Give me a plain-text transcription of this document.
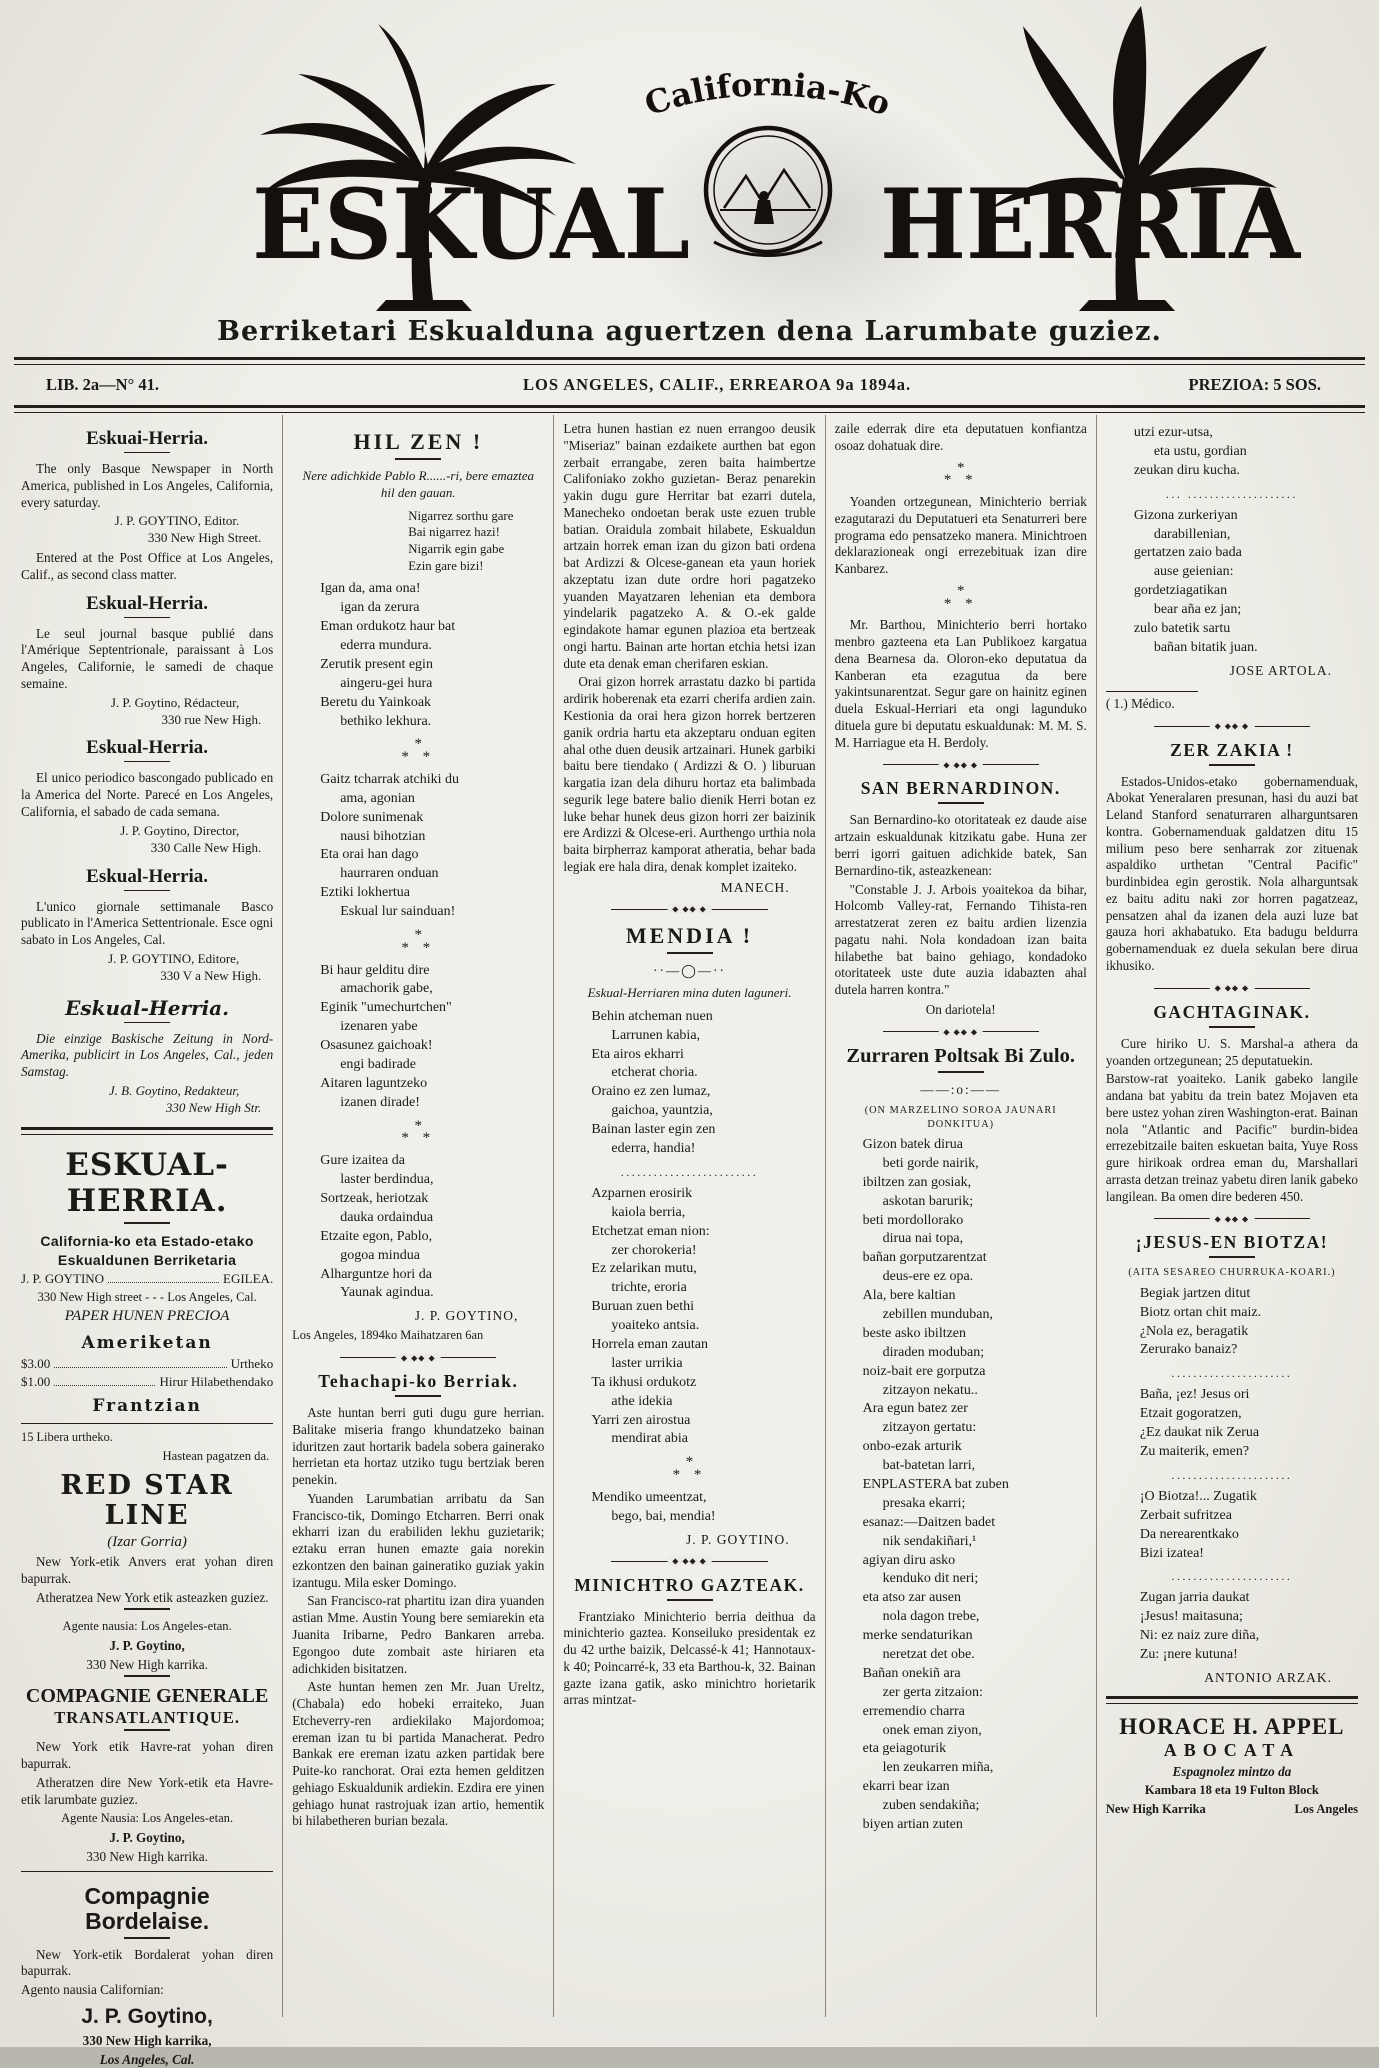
California-Ko
ESKUAL HERRIA
Berriketari Eskualduna aguertzen dena Larumbate guziez.
LIB. 2a—N° 41.	LOS ANGELES, CALIF., ERREAROA 9a 1894a.	PREZIOA: 5 SOS.
Eskuai-Herria.
The only Basque Newspaper in North America, published in Los Angeles, California, every saturday.
J. P. GOYTINO, Editor.
330 New High Street.
Entered at the Post Office at Los Angeles, Calif., as second class matter.
Eskual-Herria.
Le seul journal basque publié dans l'Amérique Septentrionale, paraissant à Los Angeles, Californie, le samedi de chaque semaine.
J. P. Goytino, Rédacteur,
330 rue New High.
Eskual-Herria.
El unico periodico bascongado publicado en la America del Norte. Parecé en Los Angeles, California, el sabado de cada semana.
J. P. Goytino, Director,
330 Calle New High.
Eskual-Herria.
L'unico giornale settimanale Basco publicato in l'America Settentrionale. Esce ogni sabato in Los Angeles, Cal.
J. P. GOYTINO, Editore,
330 V a New High.
Eskual-Herria.
Die einzige Baskische Zeitung in Nord-Amerika, publicirt in Los Angeles, Cal., jeden Samstag.
J. B. Goytino, Redakteur,
330 New High Str.
ESKUAL-HERRIA.
California-ko eta Estado-etako
Eskualdunen Berriketaria
J. P. GOYTINO	EGILEA.
330 New High street - - - Los Angeles, Cal.
PAPER HUNEN PRECIOA
Ameriketan
$3.00	Urtheko
$1.00	Hirur Hilabethendako
Frantzian
15 Libera urtheko.
Hastean pagatzen da.
RED STAR LINE
(Izar Gorria)
New York-etik Anvers erat yohan diren bapurrak.
Atheratzea New York etik asteazken guziez.
Agente nausia: Los Angeles-etan.
J. P. Goytino,
330 New High karrika.
COMPAGNIE GENERALE
TRANSATLANTIQUE.
New York etik Havre-rat yohan diren bapurrak.
Atheratzen dire New York-etik eta Havre-etik larumbate guziez.
Agente Nausia: Los Angeles-etan.
J. P. Goytino,
330 New High karrika.
Compagnie Bordelaise.
New York-etik Bordalerat yohan diren bapurrak.
Agento nausia Californian:
J. P. Goytino,
330 New High karrika,
Los Angeles, Cal.
HIL ZEN !
Nere adichkide Pablo R......-ri, bere emaztea hil den gauan.
Nigarrez sorthu gare
Bai nigarrez hazi!
Nigarrik egin gabe
Ezin gare bizi!
Igan da, ama ona!
igan da zerura
Eman ordukotz haur bat
ederra mundura.
Zerutik present egin
aingeru-gei hura
Beretu du Yainkoak
bethiko lekhura.
*
* *
Gaitz tcharrak atchiki du
ama, agonian
Dolore sunimenak
nausi bihotzian
Eta orai han dago
haurraren onduan
Eztiki lokhertua
Eskual lur sainduan!
*
* *
Bi haur gelditu dire
amachorik gabe,
Eginik "umechurtchen"
izenaren yabe
Osasunez gaichoak!
engi badirade
Aitaren laguntzeko
izanen dirade!
*
* *
Gure izaitea da
laster berdindua,
Sortzeak, heriotzak
dauka ordaindua
Etzaite egon, Pablo,
gogoa mindua
Alharguntze hori da
Yaunak agindua.
J. P. GOYTINO,
Los Angeles, 1894ko Maihatzaren 6an
◆ ◆◆ ◆
Tehachapi-ko Berriak.
Aste huntan berri guti dugu gure herrian. Balitake miseria frango khundatzeko bainan iduritzen zaut hortarik badela sobera gainerako herrietan eta hortaz utziko tugu bertziak beren penekin.
Yuanden Larumbatian arribatu da San Francisco-tik, Domingo Etcharren. Berri onak ekharri izan du erabiliden lekhu guzietarik; eztaku erran hunen emazte gaia norekin ezkontzen den bainan gaineratiko guziak yakin izantugu. Mila esker Domingo.
San Francisco-rat phartitu izan dira yuanden astian Mme. Austin Young bere semiarekin eta Juanita Iribarne, Pedro Bankaren arreba. Egongoo dute zombait aste hiriaren eta adichkiden bisitatzen.
Aste huntan hemen zen Mr. Juan Ureltz, (Chabala) edo hobeki erraiteko, Juan Etcheverry-ren ardiekilako Majordomoa; ereman izan tu bi partida Manacherat. Pedro Bankak ere ereman izatu azken partidak bere Puite-ko ranchorat. Orai ezta hemen gelditzen gehiago Eskualdunik ardiekin. Ezdira ere yinen gehiago hunat rastrojuak izan artio, hementik bi hilabetheren burian bezala.
Letra hunen hastian ez nuen errangoo deusik "Miseriaz" bainan ezdaikete aurthen bat egon zerbait errangabe, zeren baita haimbertze Califoniako zokho guzietan- Beraz penarekin yakin dugu gure Herritar bat ezarri dutela, Manecheko ondoetan berak uste ezuen truble batian. Oraidula zombait hilabete, Eskualdun artzain horrek eman izan du gizon bati ordena bat Ardizzi & Olcese-ganean eta yaun horiek akzeptatu izan dute ordre hori pagatzeko yuanden Mayatzaren lehenian eta dembora yindelarik pagatzeko A. & O.-ek galde egindakote hamar egunen plazioa eta bertzeak ongi hartu. Bainan arte hortan etchia hetsi izan dute eta denak eman cherifaren eskian.
Orai gizon horrek arrastatu dazko bi partida ardirik hoberenak eta ezarri cherifa ardien zain. Kestionia da orai hera gizon horrek bertzeren ganik ordria hartu eta akzeptaru onduan egiten ahal othe duen deusik artzainari. Hunek garbiki baitu bere tiendako ( Ardizzi & O. ) liburuan kargatia izan dela dihuru hortaz eta balimbada segurik lege batere balio dienik Herri botan ez luke behar hunek deus gizon horri zer baizinik ere Ardizzi & Olcese-eri. Aurthengo urthia nola baita birpherraz kamporat atheratia, behar bada legiak ere hala dira, denak komplet izaiteko.
MANECH.
◆ ◆◆ ◆
MENDIA !
··—◯—··
Eskual-Herriaren mina duten laguneri.
Behin atcheman nuen
Larrunen kabia,
Eta airos ekharri
etcherat choria.
Oraino ez zen lumaz,
gaichoa, yauntzia,
Bainan laster egin zen
ederra, handia!
.........................
Azparnen erosirik
kaiola berria,
Etchetzat eman nion:
zer chorokeria!
Ez zelarikan mutu,
trichte, eroria
Buruan zuen bethi
yoaiteko antsia.
Horrela eman zautan
laster urrikia
Ta ikhusi ordukotz
athe idekia
Yarri zen airostua
mendirat abia
*
* *
Mendiko umeentzat,
bego, bai, mendia!
J. P. GOYTINO.
◆ ◆◆ ◆
MINICHTRO GAZTEAK.
Frantziako Minichterio berria deithua da minichterio gaztea. Konseiluko presidentak ez du 42 urthe baizik, Delcassé-k 41; Hannotaux-k 40; Poincarré-k, 33 eta Barthou-k, 32. Bainan gazte izana gatik, asko minichtro horietarik arras mintzat-
zaile ederrak dire eta deputatuen konfiantza osoaz dohatuak dire.
*
* *
Yoanden ortzegunean, Minichterio berriak ezagutarazi du Deputatueri eta Senaturreri bere programa edo pensatzeko manera. Minichtroen deklarazioneak ongi errezebituak izan dire Kanbarez.
*
* *
Mr. Barthou, Minichterio berri hortako menbro gazteena eta Lan Publikoez kargatua dena Bearnesa da. Oloron-eko deputatua da Kanberan eta ezagutua da bere yakintsunarentzat. Segur gare on hainitz eginen duela Eskual-Herriari eta ongi lagunduko dituela gure bi deputatu eskualdunak: M. M. S. M. Harriague eta H. Berdoly.
◆ ◆◆ ◆
SAN BERNARDINON.
San Bernardino-ko otoritateak ez daude aise artzain eskualdunak kitzikatu gabe. Huna zer berri igorri gaituen adichkide batek, San Bernardino-tik, asteazkenean:
"Constable J. J. Arbois yoaitekoa da bihar, Holcomb Valley-rat, Fernando Tihista-ren arrestatzerat zeren ez baitu ardien lizenzia pagatu nahi. Nola kondadoan izan baita hilabethe bat baino gehiago, kondadoko otoritateek uste dute auzia idabazten ahal dutela harren kontra."
On dariotela!
◆ ◆◆ ◆
Zurraren Poltsak Bi Zulo.
——:o:——
(ON MARZELINO SOROA JAUNARI DONKITUA)
Gizon batek dirua
beti gorde nairik,
ibiltzen zan gosiak,
askotan barurik;
beti mordollorako
dirua nai topa,
bañan gorputzarentzat
deus-ere ez opa.
Ala, bere kaltian
zebillen munduban,
beste asko ibiltzen
diraden moduban;
noiz-bait ere gorputza
zitzayon nekatu..
Ara egun batez zer
zitzayon gertatu:
onbo-ezak arturik
bat-batetan larri,
ENPLASTERA bat zuben
presaka ekarri;
esanaz:—Daitzen badet
nik sendakiñari,¹
agiyan diru asko
kenduko dit neri;
eta atso zar ausen
nola dagon trebe,
merke sendaturikan
neretzat det obe.
Bañan onekiñ ara
zer gerta zitzaion:
erremendio charra
onek eman ziyon,
eta geiagoturik
len zeukarren miña,
ekarri bear izan
zuben sendakiña;
biyen artian zuten
utzi ezur-utsa,
eta ustu, gordian
zeukan diru kucha.
... ....................
Gizona zurkeriyan
darabillenian,
gertatzen zaio bada
ause geienian:
gordetziagatikan
bear aña ez jan;
zulo batetik sartu
bañan bitatik juan.
JOSE ARTOLA.
( 1.) Médico.
◆ ◆◆ ◆
ZER ZAKIA !
Estados-Unidos-etako gobernamenduak, Abokat Yeneralaren presunan, hasi du auzi bat Leland Stanford senaturraren alharguntsaren kontra. Gobernamenduak galdatzen ditu 15 milium peso bere senharrak zor zituenak aspaldiko urthetan "Central Pacific" burdinbidea egin gerostik. Nola alharguntsak ez baitu aditu naki zor horren pagatzeaz, pensatzen ahal da izanen dela auzi luze bat gauza hori akhabatuko. Eta badugu beldurra gobernamenduak ez duela sekulan bere dirua ikhusiko.
◆ ◆◆ ◆
GACHTAGINAK.
Cure hiriko U. S. Marshal-a athera da yoanden ortzegunean; 25 deputatuekin.
Barstow-rat yoaiteko. Lanik gabeko langile andana bat yabitu da trein batez Mojaven eta bere ustez yohan ziren Washington-erat. Bainan nola "Atlantic and Pacific" burdin-bidea errezebitzaile baiten eskuetan baita, Yuye Ross gure hirikoak ordrea eman du, Marshallari arrasta detzan treinaz yabetu diren lanik gabeko langilean. Ba omen dire bederen 450.
◆ ◆◆ ◆
¡JESUS-EN BIOTZA!
(AITA SESAREO CHURRUKA-KOARI.)
Begiak jartzen ditut
Biotz ortan chit maiz.
¿Nola ez, beragatik
Zerurako banaiz?
......................
Baña, ¡ez! Jesus ori
Etzait gogoratzen,
¿Ez daukat nik Zerua
Zu maiterik, emen?
......................
¡O Biotza!... Zugatik
Zerbait sufritzea
Da nerearentkako
Bizi izatea!
......................
Zugan jarria daukat
¡Jesus! maitasuna;
Ni: ez naiz zure diña,
Zu: ¡nere kutuna!
ANTONIO ARZAK.
HORACE H. APPEL
ABOCATA
Espagnolez mintzo da
Kambara 18 eta 19 Fulton Block
New High Karrika	Los Angeles
